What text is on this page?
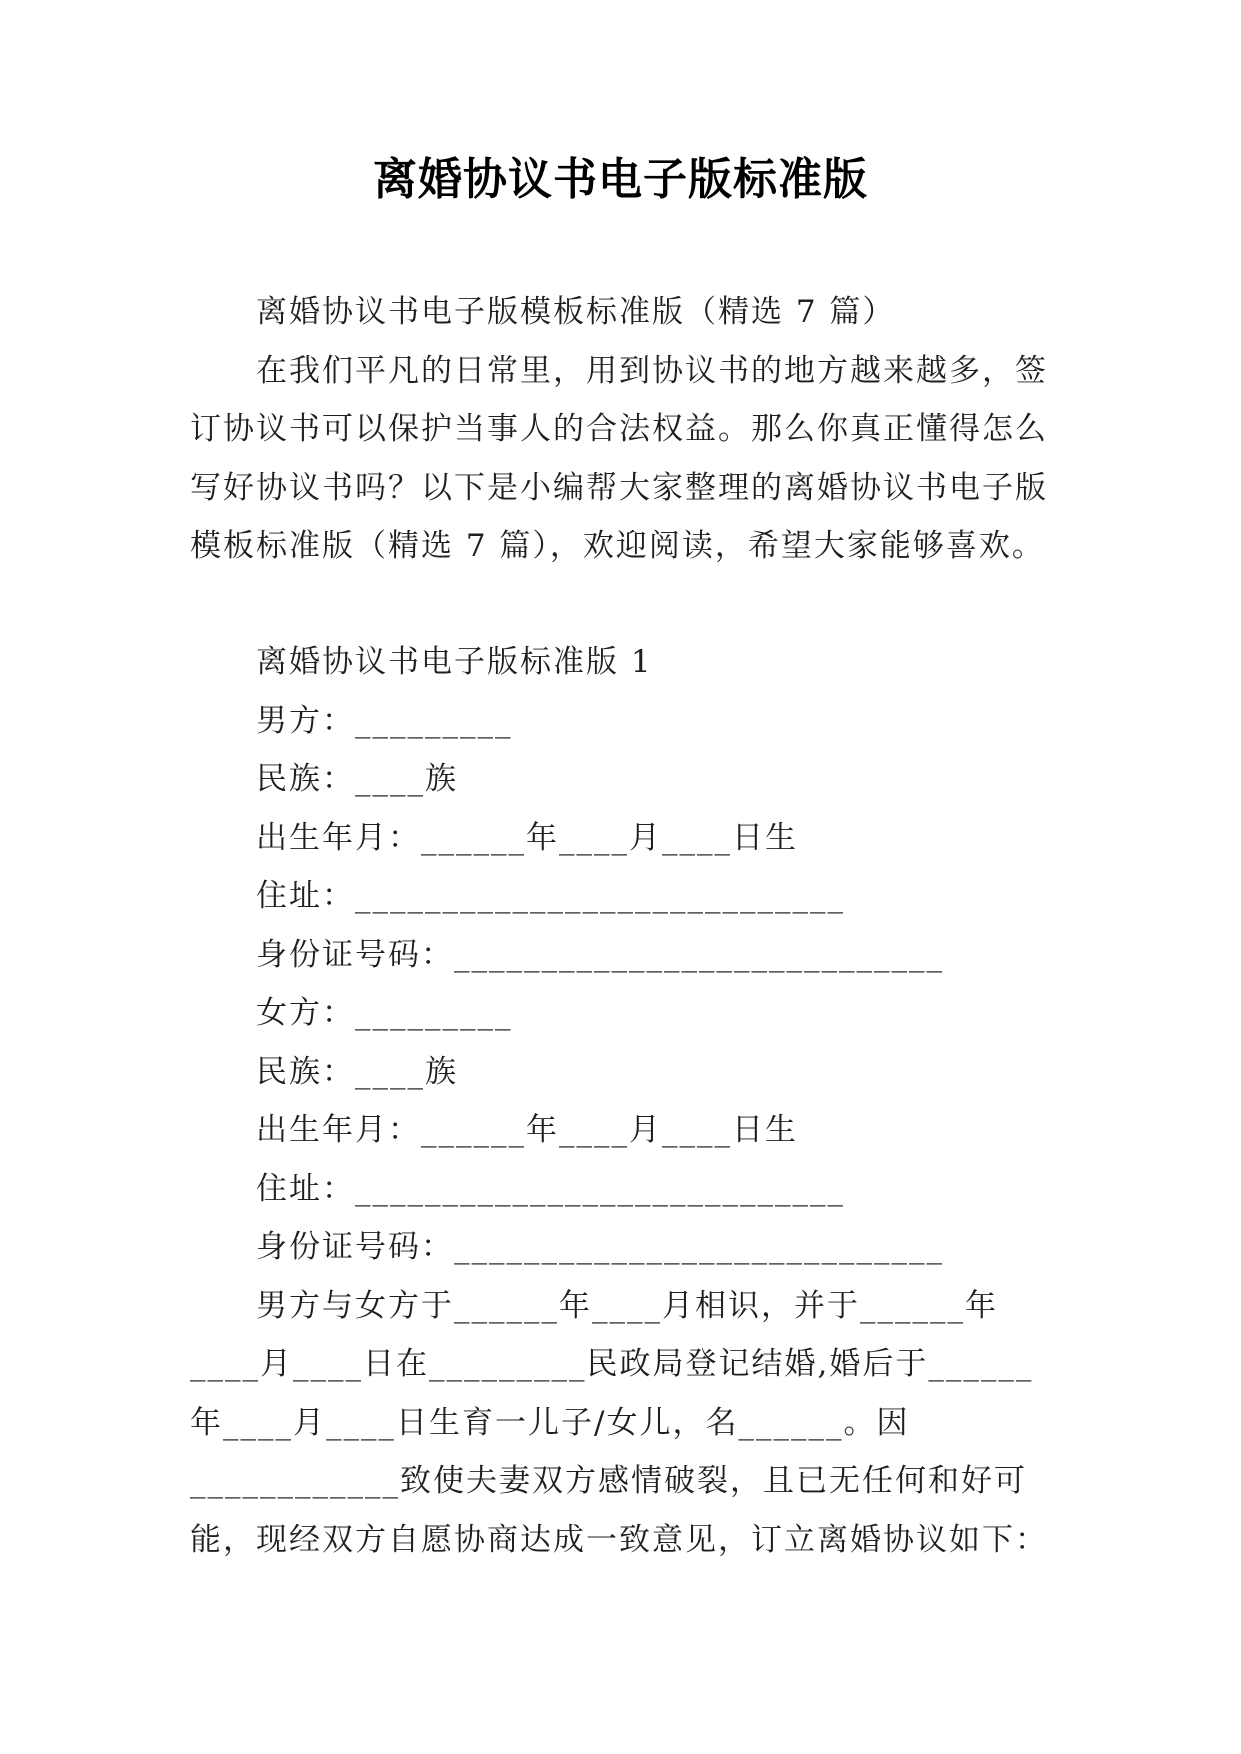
离婚协议书电子版标准版

离婚协议书电子版模板标准版（精选 7 篇）

在我们平凡的日常里，用到协议书的地方越来越多，签订协议书可以保护当事人的合法权益。那么你真正懂得怎么写好协议书吗？以下是小编帮大家整理的离婚协议书电子版模板标准版（精选 7 篇），欢迎阅读，希望大家能够喜欢。

离婚协议书电子版标准版 1

男方：_________

民族：____族

出生年月：______年____月____日生

住址：____________________________

身份证号码：____________________________

女方：_________

民族：____族

出生年月：______年____月____日生

住址：____________________________

身份证号码：____________________________

男方与女方于______年____月相识，并于______年____月____日在_________民政局登记结婚,婚后于______年____月____日生育一儿子/女儿，名______。因____________致使夫妻双方感情破裂，且已无任何和好可能，现经双方自愿协商达成一致意见，订立离婚协议如下：
